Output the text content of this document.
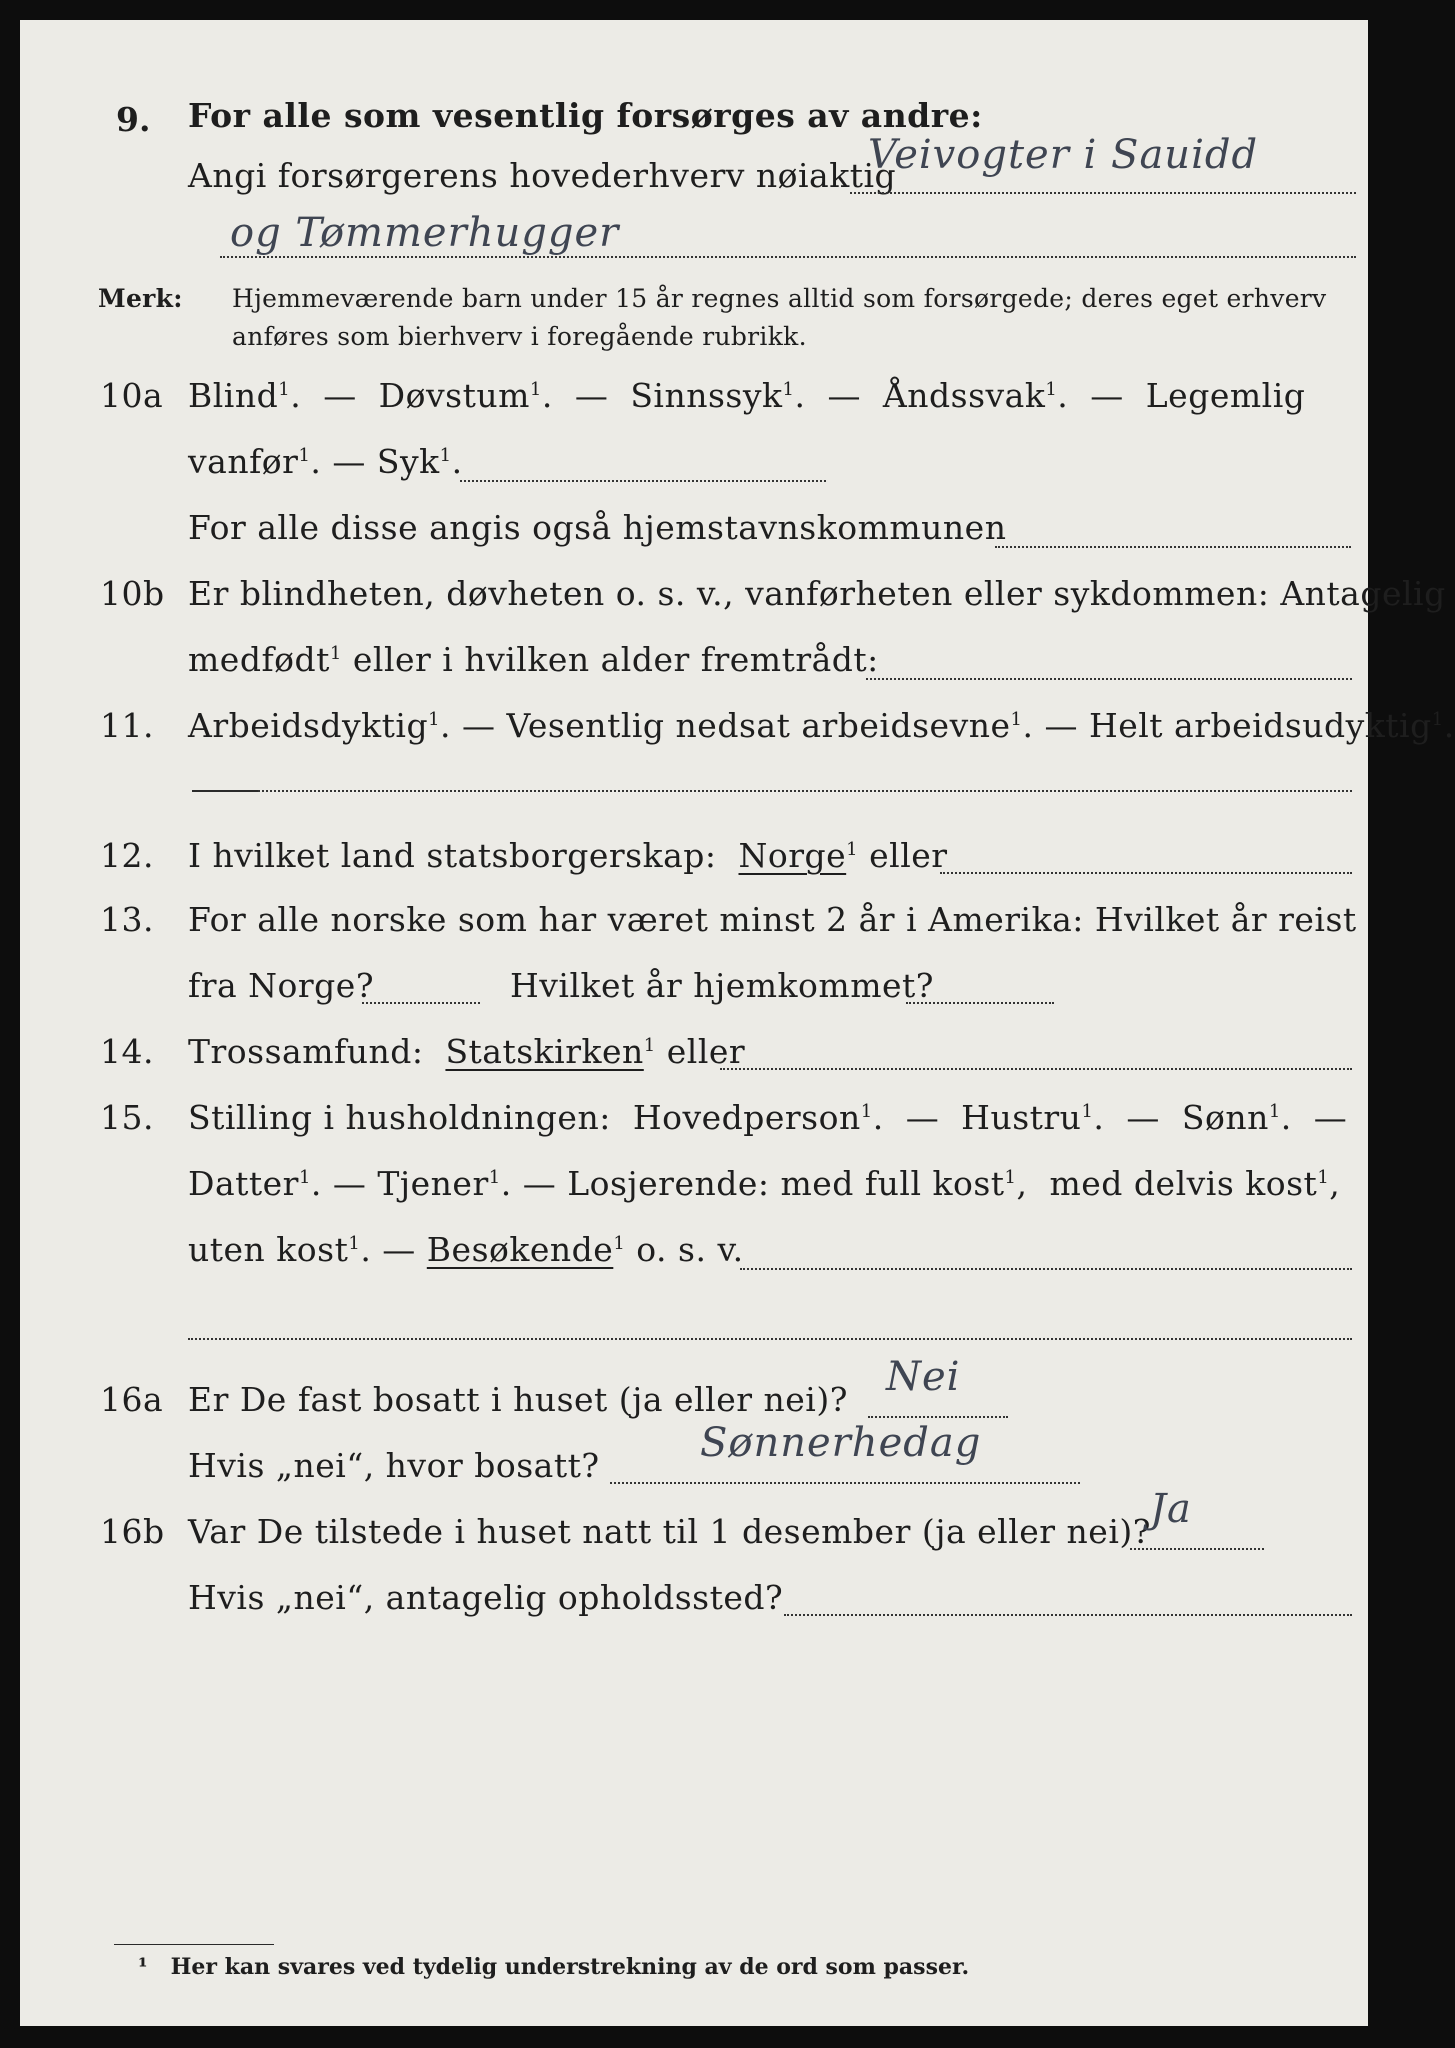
9. For alle som vesentlig forsørges av andre:
Angi forsørgerens hovederhverv nøiaktig
Veivogter i Sauidd
og Tømmerhugger
Merk: Hjemmeværende barn under 15 år regnes alltid som forsørgede; deres eget erhverv
anføres som bierhverv i foregående rubrikk.
10a Blind$^1$.  — Døvstum$^1$.  — Sinnssyk$^1$.  — Åndssvak$^1$.  — Legemlig
vanfør$^1$. — Syk$^1$.
For alle disse angis også hjemstavnskommunen
10b Er blindheten, døvheten o. s. v., vanførheten eller sykdommen: Antagelig
medfødt$^1$ eller i hvilken alder fremtrådt:
11. Arbeidsdyktig$^1$. — Vesentlig nedsat arbeidsevne$^1$. — Helt arbeidsudyktig$^1$.
12. I hvilket land statsborgerskap: Norge$^1$ eller
13. For alle norske som har været minst 2 år i Amerika: Hvilket år reist
fra Norge?	Hvilket år hjemkommet?
14. Trossamfund: Statskirken$^1$ eller
15. Stilling i husholdningen: Hovedperson$^1$.  — Hustru$^1$.  — Sønn$^1$.  —
Datter$^1$. — Tjener$^1$. — Losjerende: med full kost$^1$,  med delvis kost$^1$,
uten kost$^1$. — Besøkende$^1$ o. s. v.
16a Er De fast bosatt i huset (ja eller nei)? Nei
Hvis „nei“, hvor bosatt?	Sønnerhedag
16b Var De tilstede i huset natt til 1 desember (ja eller nei)? Ja
Hvis „nei“, antagelig opholdssted?
¹ Her kan svares ved tydelig understrekning av de ord som passer.
